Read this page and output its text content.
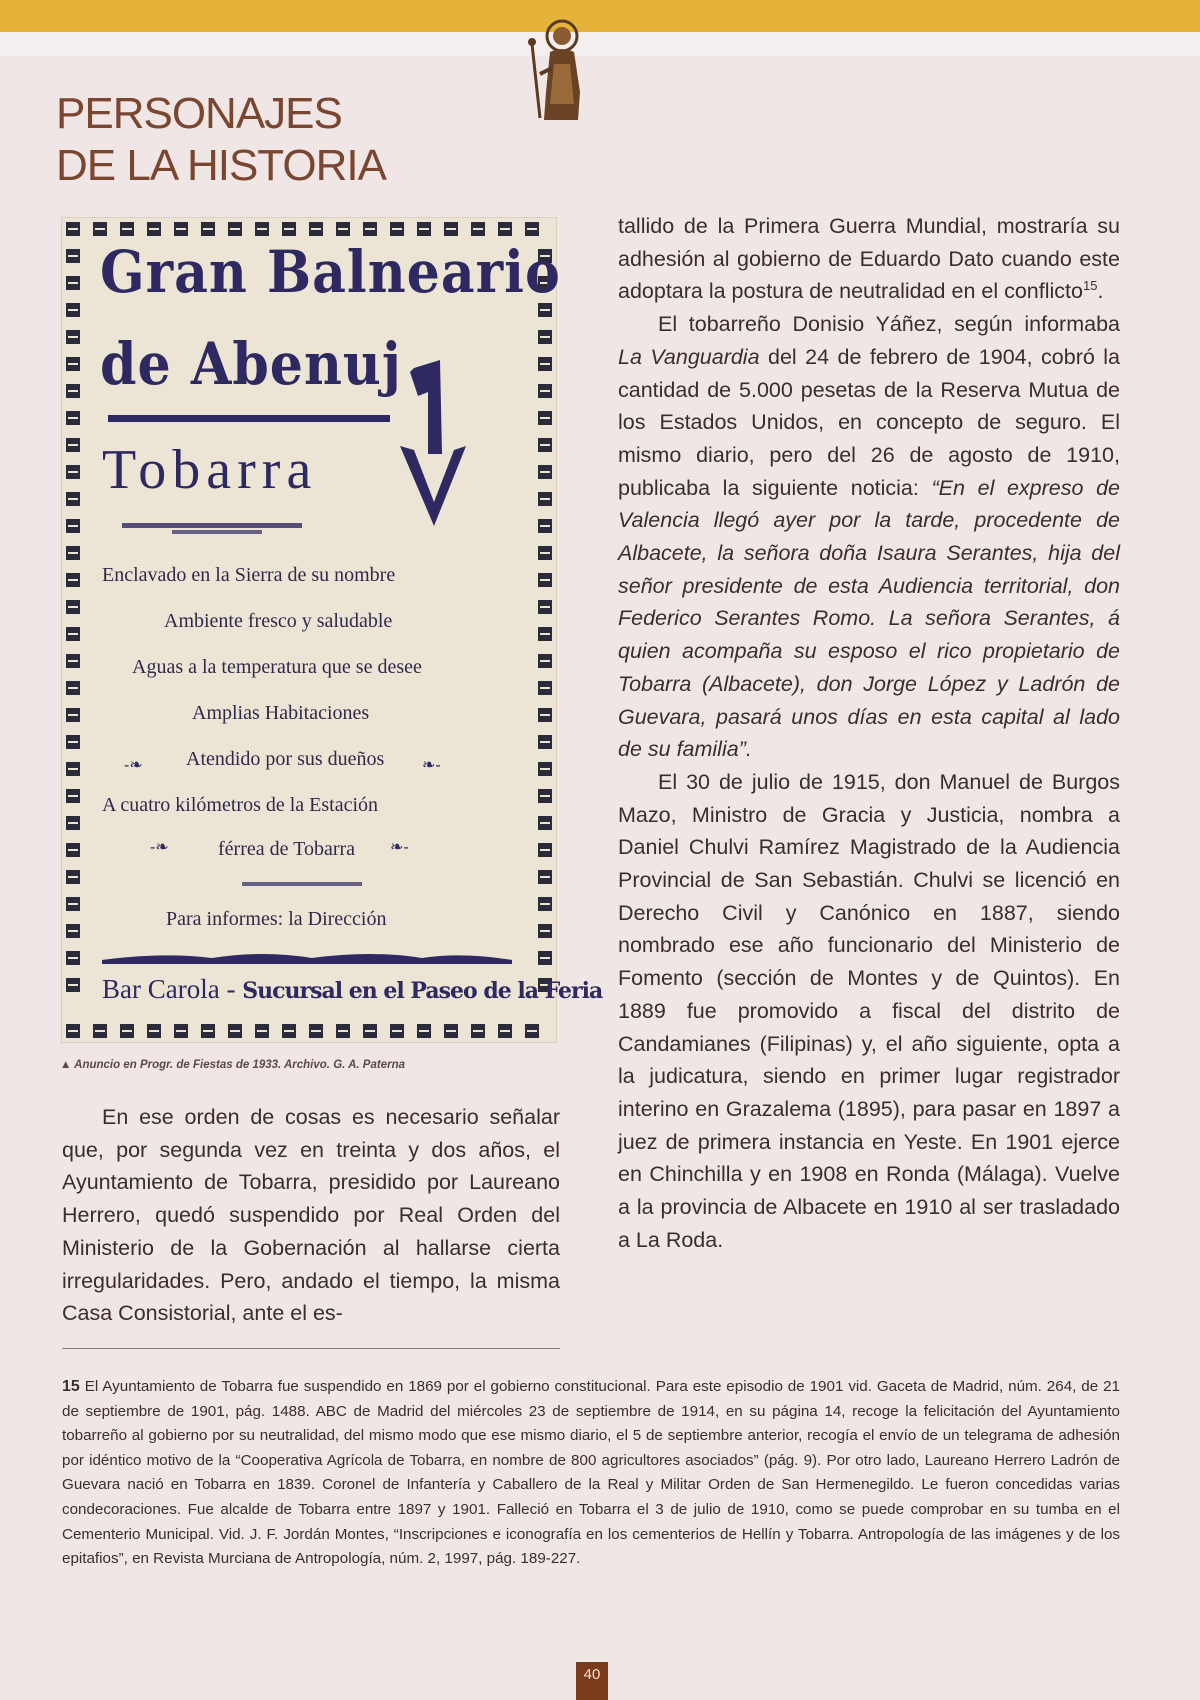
PERSONAJES
DE LA HISTORIA
-❧	❧-
-❧	❧-
Gran Balneario
de Abenuj
Tobarra
Enclavado en la Sierra de su nombre
Ambiente fresco y saludable
Aguas a la temperatura que se desee
Amplias Habitaciones
Atendido por sus dueños
A cuatro kilómetros de la Estación
férrea de Tobarra
Para informes: la Dirección
Bar Carola - Sucursal en el Paseo de la Feria
▲ Anuncio en Progr. de Fiestas de 1933. Archivo. G. A. Paterna

En ese orden de cosas es necesario señalar que, por segunda vez en treinta y dos años, el Ayuntamiento de Tobarra, presidido por Laureano Herrero, quedó suspendido por Real Orden del Ministerio de la Gobernación al hallarse cierta irregularidades. Pero, andado el tiempo, la misma Casa Consistorial, ante el es-

tallido de la Primera Guerra Mundial, mostraría su adhesión al gobierno de Eduardo Dato cuando este adoptara la postura de neutralidad en el conflicto$^{15}$.

El tobarreño Donisio Yáñez, según informaba La Vanguardia del 24 de febrero de 1904, cobró la cantidad de 5.000 pesetas de la Reserva Mutua de los Estados Unidos, en concepto de seguro. El mismo diario, pero del 26 de agosto de 1910, publicaba la siguiente noticia: “En el expreso de Valencia llegó ayer por la tarde, procedente de Albacete, la señora doña Isaura Serantes, hija del señor presidente de esta Audiencia territorial, don Federico Serantes Romo. La señora Serantes, á quien acompaña su esposo el rico propietario de Tobarra (Albacete), don Jorge López y Ladrón de Guevara, pasará unos días en esta capital al lado de su familia”.

El 30 de julio de 1915, don Manuel de Burgos Mazo, Ministro de Gracia y Justicia, nombra a Daniel Chulvi Ramírez Magistrado de la Audiencia Provincial de San Sebastián. Chulvi se licenció en Derecho Civil y Canónico en 1887, siendo nombrado ese año funcionario del Ministerio de Fomento (sección de Montes y de Quintos). En 1889 fue promovido a fiscal del distrito de Candamianes (Filipinas) y, el año siguiente, opta a la judicatura, siendo en primer lugar registrador interino en Grazalema (1895), para pasar en 1897 a juez de primera instancia en Yeste. En 1901 ejerce en Chinchilla y en 1908 en Ronda (Málaga). Vuelve a la provincia de Albacete en 1910 al ser trasladado a La Roda.

15 El Ayuntamiento de Tobarra fue suspendido en 1869 por el gobierno constitucional. Para este episodio de 1901 vid. Gaceta de Madrid, núm. 264, de 21 de septiembre de 1901, pág. 1488. ABC de Madrid del miércoles 23 de septiembre de 1914, en su página 14, recoge la felicitación del Ayuntamiento tobarreño al gobierno por su neutralidad, del mismo modo que ese mismo diario, el 5 de septiembre anterior, recogía el envío de un telegrama de adhesión por idéntico motivo de la “Cooperativa Agrícola de Tobarra, en nombre de 800 agricultores asociados” (pág. 9). Por otro lado, Laureano Herrero Ladrón de Guevara nació en Tobarra en 1839. Coronel de Infantería y Caballero de la Real y Militar Orden de San Hermenegildo. Le fueron concedidas varias condecoraciones. Fue alcalde de Tobarra entre 1897 y 1901. Falleció en Tobarra el 3 de julio de 1910, como se puede comprobar en su tumba en el Cementerio Municipal. Vid. J. F. Jordán Montes, “Inscripciones e iconografía en los cementerios de Hellín y Tobarra. Antropología de las imágenes y de los epitafios”, en Revista Murciana de Antropología, núm. 2, 1997, pág. 189-227.

40
